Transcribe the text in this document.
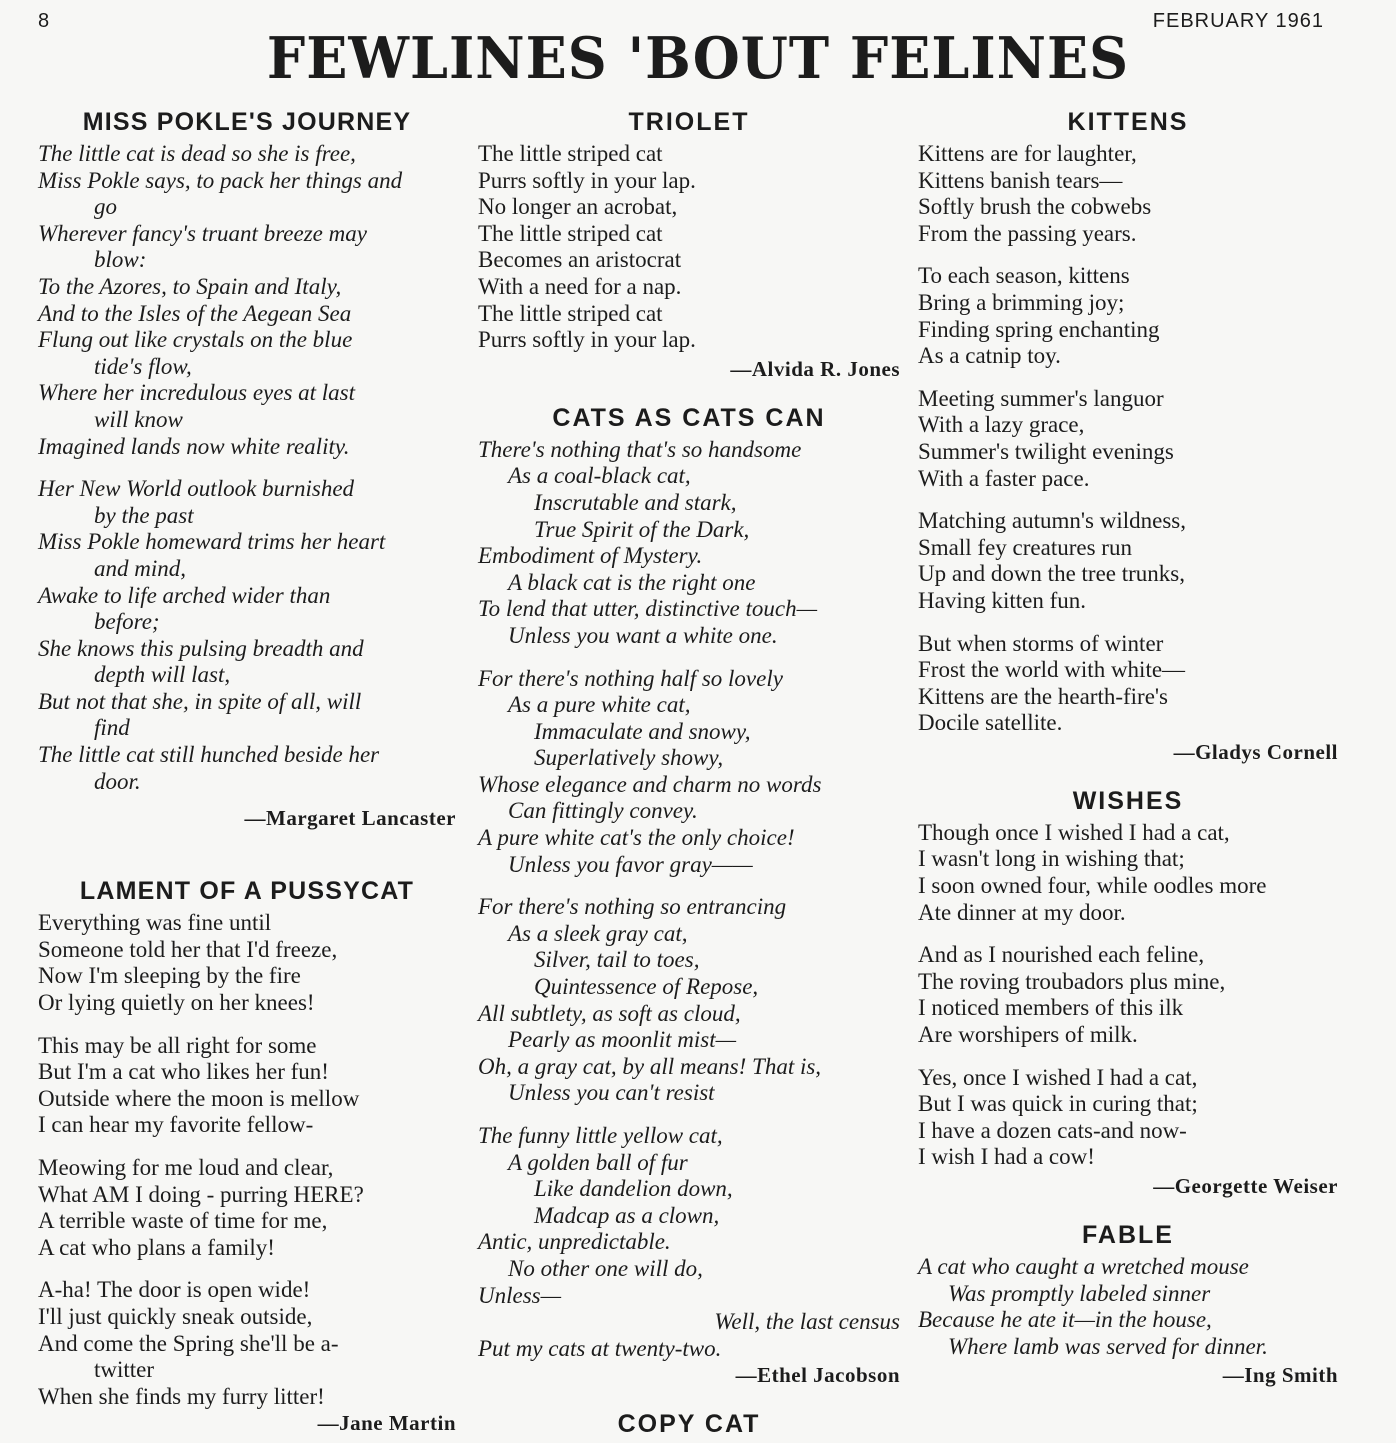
8	FEBRUARY 1961
FEWLINES 'BOUT FELINES
MISS POKLE'S JOURNEY
The little cat is dead so she is free,
Miss Pokle says, to pack her things and
go
Wherever fancy's truant breeze may
blow:
To the Azores, to Spain and Italy,
And to the Isles of the Aegean Sea
Flung out like crystals on the blue
tide's flow,
Where her incredulous eyes at last
will know
Imagined lands now white reality.
Her New World outlook burnished
by the past
Miss Pokle homeward trims her heart
and mind,
Awake to life arched wider than
before;
She knows this pulsing breadth and
depth will last,
But not that she, in spite of all, will
find
The little cat still hunched beside her
door.
—Margaret Lancaster
LAMENT OF A PUSSYCAT
Everything was fine until
Someone told her that I'd freeze,
Now I'm sleeping by the fire
Or lying quietly on her knees!
This may be all right for some
But I'm a cat who likes her fun!
Outside where the moon is mellow
I can hear my favorite fellow-
Meowing for me loud and clear,
What AM I doing - purring HERE?
A terrible waste of time for me,
A cat who plans a family!
A-ha! The door is open wide!
I'll just quickly sneak outside,
And come the Spring she'll be a-
twitter
When she finds my furry litter!
—Jane Martin
TRIOLET
The little striped cat
Purrs softly in your lap.
No longer an acrobat,
The little striped cat
Becomes an aristocrat
With a need for a nap.
The little striped cat
Purrs softly in your lap.
—Alvida R. Jones
CATS AS CATS CAN
There's nothing that's so handsome
As a coal-black cat,
Inscrutable and stark,
True Spirit of the Dark,
Embodiment of Mystery.
A black cat is the right one
To lend that utter, distinctive touch—
Unless you want a white one.
For there's nothing half so lovely
As a pure white cat,
Immaculate and snowy,
Superlatively showy,
Whose elegance and charm no words
Can fittingly convey.
A pure white cat's the only choice!
Unless you favor gray——
For there's nothing so entrancing
As a sleek gray cat,
Silver, tail to toes,
Quintessence of Repose,
All subtlety, as soft as cloud,
Pearly as moonlit mist—
Oh, a gray cat, by all means! That is,
Unless you can't resist
The funny little yellow cat,
A golden ball of fur
Like dandelion down,
Madcap as a clown,
Antic, unpredictable.
No other one will do,
Unless—
Well, the last census
Put my cats at twenty-two.
—Ethel Jacobson
COPY CAT
KITTENS
Kittens are for laughter,
Kittens banish tears—
Softly brush the cobwebs
From the passing years.
To each season, kittens
Bring a brimming joy;
Finding spring enchanting
As a catnip toy.
Meeting summer's languor
With a lazy grace,
Summer's twilight evenings
With a faster pace.
Matching autumn's wildness,
Small fey creatures run
Up and down the tree trunks,
Having kitten fun.
But when storms of winter
Frost the world with white—
Kittens are the hearth-fire's
Docile satellite.
—Gladys Cornell
WISHES
Though once I wished I had a cat,
I wasn't long in wishing that;
I soon owned four, while oodles more
Ate dinner at my door.
And as I nourished each feline,
The roving troubadors plus mine,
I noticed members of this ilk
Are worshipers of milk.
Yes, once I wished I had a cat,
But I was quick in curing that;
I have a dozen cats-and now-
I wish I had a cow!
—Georgette Weiser
FABLE
A cat who caught a wretched mouse
Was promptly labeled sinner
Because he ate it—in the house,
Where lamb was served for dinner.
—Ing Smith
